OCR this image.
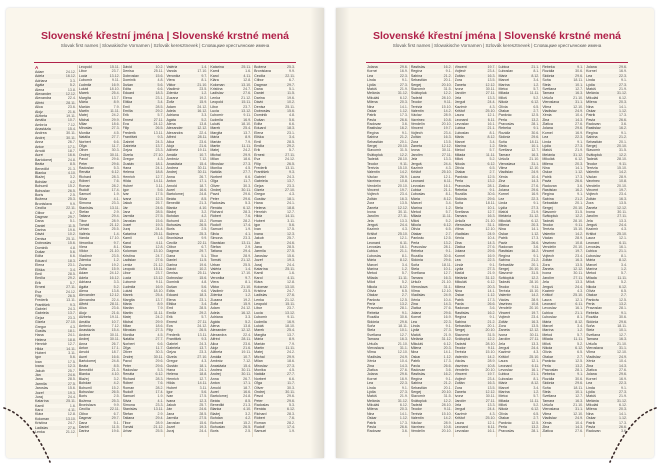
Slovenské křestní jména | Slovenské krstné mená
Slovak first names | Slowakische Vornamen | Szlovák keresztnevek | Словацкие крестьянские имена
A
Adam	24.12.
Adela	16.12.
Adriana	3.3.
Agáta	5.2.
Alena	13.8.
Alexander	12.12.
Alexandra	22.4.
Alfréd	28.11.
Alica	23.6.
Alojz	21.6.
Alžbeta	19.11.
Amália	10.7.
Ambróz	7.12.
Anastázia	15.4.
Andrea	30.11.
Andrej	30.11.
Anna	26.7.
Anton	17.1.
Arnold	18.7.
Aurel	16.6.
Bartolomej	24.8.
Beáta	8.5.
Benedikt	21.3.
Blanka	4.10.
Blažej	3.2.
Bohdan	4.2.
Bohumil	15.2.
Bohuslav	26.5.
Boris	2.5.
Božena	25.3.
Bronislava	9.9.
Cecília	22.11.
Ctibor	6.7.
Dagmar	29.7.
Dana	5.1.
Daniel	11.5.
Darina	19.6.
Dávid	10.2.
Denisa	25.11.
Dobroslav	15.6.
Dominik	4.8.
Dušan	5.6.
Edita	6.6.
Eduard	18.3.
Elena	23.1.
Eliška	3.4.
Emil	28.5.
Emília	29.2.
Erik	5.7.
Ernest	27.11.
Eva	24.12.
Filip	26.5.
Frederik	13.11.
František	9.3.
Gabriel	24.3.
Gabriela	13.7.
Gejza	23.3.
Gizela	27.10.
Gregor	4.3.
Gustáv	18.1.
Hana	24.1.
Helena	18.8.
Henrich	12.7.
Hilda	14.11.
Hubert	3.11.
Igor	5.6.
Ivan	17.5.
Ivana	12.3.
Jakub	25.7.
Ján	24.6.
Jana	28.5.
Jarmila	27.5.
Jaroslav	15.6.
Jozef	19.3.
Juraj	24.4.
Katarína	25.11.
Kamil	1.6.
Karol	4.11.
Klára	12.8.
Koloman	13.10.
Kristína	24.7.
Ladislav	27.6.
Lenka	21.12.
Leopold	15.11.
Libor	23.7.
Lucia	13.12.
Ľubomír	9.11.
Ľudmila	16.9.
Lukáš	18.10.
Marek	25.4.
Margita	13.7.
Mária	8.9.
Marián	7.9.
Martin	11.11.
Matej	24.2.
Michal	29.9.
Milan	18.6.
Miroslav	27.3.
Monika	4.5.
Natália	27.7.
Norbert	6.6.
Oľga	11.7.
Oliver	30.3.
Ondrej	30.11.
Pavol	29.6.
Peter	29.6.
Radoslav	5.3.
Renáta	6.12.
Richard	28.3.
Róbert	7.6.
Roman	28.2.
Rudolf	17.4.
Samuel	1.9.
Silvia	4.1.
Simona	23.3.
Stanislav	13.11.
Štefan	2.9.
Tatiana	29.4.
Tibor	28.9.
Tomáš	21.12.
Urban	25.5.
Valéria	1.4.
Vanda	17.10.
Veronika	9.7.
Viera	8.1.
Viktor	21.10.
Vladimír	23.5.
Zdenka	1.2.
Zuzana	19.2.
Žofia	15.9.
Adam	24.12.
Adela	16.12.
Adriana	3.3.
Agáta	5.2.
Alena	13.8.
Alexander	12.12.
Alexandra	22.4.
Alfréd	28.11.
Alica	23.6.
Alojz	21.6.
Alžbeta	19.11.
Amália	10.7.
Ambróz	7.12.
Anastázia	15.4.
Andrea	30.11.
Andrej	30.11.
Anna	26.7.
Anton	17.1.
Arnold	18.7.
Aurel	16.6.
Bartolomej	24.8.
Beáta	8.5.
Benedikt	21.3.
Blanka	4.10.
Blažej	3.2.
Bohdan	4.2.
Bohumil	15.2.
Bohuslav	26.5.
Boris	2.5.
Božena	25.3.
Bronislava	9.9.
Cecília	22.11.
Ctibor	6.7.
Dagmar	29.7.
Dana	5.1.
Daniel	11.5.
Darina	19.6.
Dávid	10.2.
Denisa	25.11.
Dobroslav	15.6.
Dominik	4.8.
Dušan	5.6.
Edita	6.6.
Eduard	18.3.
Elena	23.1.
Eliška	3.4.
Emil	28.5.
Emília	29.2.
Erik	5.7.
Ernest	27.11.
Eva	24.12.
Filip	26.5.
Frederik	13.11.
František	9.3.
Gabriel	24.3.
Gabriela	13.7.
Gejza	23.3.
Gizela	27.10.
Gregor	4.3.
Gustáv	18.1.
Hana	24.1.
Helena	18.8.
Henrich	12.7.
Hilda	14.11.
Hubert	3.11.
Igor	5.6.
Ivan	17.5.
Ivana	12.3.
Jakub	25.7.
Ján	24.6.
Jana	28.5.
Jarmila	27.5.
Jaroslav	15.6.
Jozef	19.3.
Juraj	24.4.
Katarína	25.11.
Kamil	1.6.
Karol	4.11.
Klára	12.8.
Koloman	13.10.
Kristína	24.7.
Ladislav	27.6.
Lenka	21.12.
Leopold	15.11.
Libor	23.7.
Lucia	13.12.
Ľubomír	9.11.
Ľudmila	16.9.
Lukáš	18.10.
Marek	25.4.
Margita	13.7.
Mária	8.9.
Marián	7.9.
Martin	11.11.
Matej	24.2.
Michal	29.9.
Milan	18.6.
Miroslav	27.3.
Monika	4.5.
Natália	27.7.
Norbert	6.6.
Oľga	11.7.
Oliver	30.3.
Ondrej	30.11.
Pavol	29.6.
Peter	29.6.
Radoslav	5.3.
Renáta	6.12.
Richard	28.3.
Róbert	7.6.
Roman	28.2.
Rudolf	17.4.
Samuel	1.9.
Silvia	4.1.
Simona	23.3.
Stanislav	13.11.
Štefan	2.9.
Tatiana	29.4.
Tibor	28.9.
Tomáš	21.12.
Urban	25.5.
Valéria	1.4.
Vanda	17.10.
Veronika	9.7.
Viera	8.1.
Viktor	21.10.
Vladimír	23.5.
Zdenka	1.2.
Zuzana	19.2.
Žofia	15.9.
Adam	24.12.
Adela	16.12.
Adriana	3.3.
Agáta	5.2.
Alena	13.8.
Alexander	12.12.
Alexandra	22.4.
Alfréd	28.11.
Alica	23.6.
Alojz	21.6.
Alžbeta	19.11.
Amália	10.7.
Ambróz	7.12.
Anastázia	15.4.
Andrea	30.11.
Andrej	30.11.
Anna	26.7.
Anton	17.1.
Arnold	18.7.
Aurel	16.6.
Bartolomej	24.8.
Beáta	8.5.
Benedikt	21.3.
Blanka	4.10.
Blažej	3.2.
Bohdan	4.2.
Bohumil	15.2.
Bohuslav	26.5.
Boris	2.5.
Božena	25.3.
Bronislava	9.9.
Cecília	22.11.
Ctibor	6.7.
Dagmar	29.7.
Dana	5.1.
Daniel	11.5.
Darina	19.6.
Dávid	10.2.
Denisa	25.11.
Dobroslav	15.6.
Dominik	4.8.
Dušan	5.6.
Edita	6.6.
Eduard	18.3.
Elena	23.1.
Eliška	3.4.
Emil	28.5.
Emília	29.2.
Erik	5.7.
Ernest	27.11.
Eva	24.12.
Filip	26.5.
Frederik	13.11.
František	9.3.
Gabriel	24.3.
Gabriela	13.7.
Gejza	23.3.
Gizela	27.10.
Gregor	4.3.
Gustáv	18.1.
Hana	24.1.
Helena	18.8.
Henrich	12.7.
Hilda	14.11.
Hubert	3.11.
Igor	5.6.
Ivan	17.5.
Ivana	12.3.
Jakub	25.7.
Ján	24.6.
Jana	28.5.
Jarmila	27.5.
Jaroslav	15.6.
Jozef	19.3.
Juraj	24.4.
Katarína	25.11.
Kamil	1.6.
Karol	4.11.
Klára	12.8.
Koloman	13.10.
Kristína	24.7.
Ladislav	27.6.
Lenka	21.12.
Leopold	15.11.
Libor	23.7.
Lucia	13.12.
Ľubomír	9.11.
Ľudmila	16.9.
Lukáš	18.10.
Marek	25.4.
Margita	13.7.
Mária	8.9.
Marián	7.9.
Martin	11.11.
Matej	24.2.
Michal	29.9.
Milan	18.6.
Miroslav	27.3.
Monika	4.5.
Natália	27.7.
Norbert	6.6.
Oľga	11.7.
Oliver	30.3.
Ondrej	30.11.
Pavol	29.6.
Peter	29.6.
Radoslav	5.3.
Renáta	6.12.
Richard	28.3.
Róbert	7.6.
Roman	28.2.
Rudolf	17.4.
Samuel	1.9.
Silvia	4.1.
Simona	23.3.
Stanislav	13.11.
Štefan	2.9.
Tatiana	29.4.
Tibor	28.9.
Tomáš	21.12.
Urban	25.5.
Valéria	1.4.
Vanda	17.10.
Veronika	9.7.
Viera	8.1.
Viktor	21.10.
Vladimír	23.5.
Zdenka	1.2.
Zuzana	19.2.
Žofia	15.9.
Adam	24.12.
Adela	16.12.
Adriana	3.3.
Agáta	5.2.
Alena	13.8.
Alexander	12.12.
Alexandra	22.4.
Alfréd	28.11.
Alica	23.6.
Alojz	21.6.
Alžbeta	19.11.
Amália	10.7.
Ambróz	7.12.
Anastázia	15.4.
Andrea	30.11.
Andrej	30.11.
Anna	26.7.
Anton	17.1.
Arnold	18.7.
Aurel	16.6.
Bartolomej	24.8.
Beáta	8.5.
Benedikt	21.3.
Blanka	4.10.
Blažej	3.2.
Bohdan	4.2.
Bohumil	15.2.
Bohuslav	26.5.
Boris	2.5.
Božena	25.3.
Bronislava	9.9.
Cecília	22.11.
Ctibor	6.7.
Dagmar	29.7.
Dana	5.1.
Daniel	11.5.
Darina	19.6.
Dávid	10.2.
Denisa	25.11.
Dobroslav	15.6.
Dominik	4.8.
Dušan	5.6.
Edita	6.6.
Eduard	18.3.
Elena	23.1.
Eliška	3.4.
Emil	28.5.
Emília	29.2.
Erik	5.7.
Ernest	27.11.
Eva	24.12.
Filip	26.5.
Frederik	13.11.
František	9.3.
Gabriel	24.3.
Gabriela	13.7.
Gejza	23.3.
Gizela	27.10.
Gregor	4.3.
Gustáv	18.1.
Hana	24.1.
Helena	18.8.
Henrich	12.7.
Hilda	14.11.
Hubert	3.11.
Igor	5.6.
Ivan	17.5.
Ivana	12.3.
Jakub	25.7.
Ján	24.6.
Jana	28.5.
Jarmila	27.5.
Jaroslav	15.6.
Jozef	19.3.
Juraj	24.4.
Katarína	25.11.
Kamil	1.6.
Karol	4.11.
Klára	12.8.
Koloman	13.10.
Kristína	24.7.
Ladislav	27.6.
Lenka	21.12.
Leopold	15.11.
Libor	23.7.
Lucia	13.12.
Ľubomír	9.11.
Ľudmila	16.9.
Lukáš	18.10.
Marek	25.4.
Margita	13.7.
Mária	8.9.
Marián	7.9.
Martin	11.11.
Matej	24.2.
Michal	29.9.
Milan	18.6.
Miroslav	27.3.
Monika	4.5.
Natália	27.7.
Norbert	6.6.
Oľga	11.7.
Oliver	30.3.
Ondrej	30.11.
Pavol	29.6.
Peter	29.6.
Radoslav	5.3.
Renáta	6.12.
Richard	28.3.
Róbert	7.6.
Roman	28.2.
Rudolf	17.4.
Samuel	1.9.
Slovenské křestní jména | Slovenské krstné mená
Slovak first names | Slowakische Vornamen | Szlovák keresztnevek | Словацкие крестьянские имена
Jolana	29.6.
Kornel	16.9.
Lea	22.3.
Linda	9.1.
Lýdia	27.3.
Matúš	21.9.
Melánia	31.12.
Mikuláš	6.12.
Milena	20.3.
Nina	14.1.
Oskar	1.12.
Patrik	17.3.
Pavla	26.6.
Radovan	3.6.
Rastislav	16.2.
Regína	9.1.
Sabína	21.2.
Sebastián	20.1.
Sergej	20.10.
Slavomír	31.5.
Svätopluk	12.2.
Tadeáš	28.10.
Teodor	9.11.
Terézia	15.10.
Valentín	14.2.
Václav	28.9.
Vavrinec	10.8.
Vendelín	20.10.
Vincent	19.7.
Vojtech	23.4.
Zoltán	16.3.
Zora	13.5.
Žaneta	12.12.
Ivona	30.11.
Jarolím	27.11.
Jela	13.3.
Jerguš	24.4.
Kazimír	4.3.
Krištof	25.10.
Laura	12.1.
Leonard	6.11.
Levoslav	16.1.
Ľubica	21.1.
Ľuboslav	8.1.
Mária	8.12.
Marcel	3.4.
Marína	1.2.
Metod	5.7.
Milada	11.11.
Miloš	5.2.
Nikola	6.12.
Olívia	6.5.
Otakar	2.7.
Pankrác	12.5.
Perla	13.2.
Pravoslav	28.1.
Rebeka	9.1.
Rozália	30.6.
Sidónia	29.6.
Soňa	18.11.
Stela	10.1.
Svetlana	12.7.
Tamara	16.3.
Uršuľa	21.10.
Vieroslava	31.1.
Vilma	12.10.
Vladislav	24.9.
Xénia	10.4.
Zina	14.3.
Zlatica	27.6.
Jolana	29.6.
Kornel	16.9.
Lea	22.3.
Linda	9.1.
Lýdia	27.3.
Matúš	21.9.
Melánia	31.12.
Mikuláš	6.12.
Milena	20.3.
Nina	14.1.
Oskar	1.12.
Patrik	17.3.
Pavla	26.6.
Radovan	3.6.
Rastislav	16.2.
Regína	9.1.
Sabína	21.2.
Sebastián	20.1.
Sergej	20.10.
Slavomír	31.5.
Svätopluk	12.2.
Tadeáš	28.10.
Teodor	9.11.
Terézia	15.10.
Valentín	14.2.
Václav	28.9.
Vavrinec	10.8.
Vendelín	20.10.
Vincent	19.7.
Vojtech	23.4.
Zoltán	16.3.
Zora	13.5.
Žaneta	12.12.
Ivona	30.11.
Jarolím	27.11.
Jela	13.3.
Jerguš	24.4.
Kazimír	4.3.
Krištof	25.10.
Laura	12.1.
Leonard	6.11.
Levoslav	16.1.
Ľubica	21.1.
Ľuboslav	8.1.
Mária	8.12.
Marcel	3.4.
Marína	1.2.
Metod	5.7.
Milada	11.11.
Miloš	5.2.
Nikola	6.12.
Olívia	6.5.
Otakar	2.7.
Pankrác	12.5.
Perla	13.2.
Pravoslav	28.1.
Rebeka	9.1.
Rozália	30.6.
Sidónia	29.6.
Soňa	18.11.
Stela	10.1.
Svetlana	12.7.
Tamara	16.3.
Uršuľa	21.10.
Vieroslava	31.1.
Vilma	12.10.
Vladislav	24.9.
Xénia	10.4.
Zina	14.3.
Zlatica	27.6.
Jolana	29.6.
Kornel	16.9.
Lea	22.3.
Linda	9.1.
Lýdia	27.3.
Matúš	21.9.
Melánia	31.12.
Mikuláš	6.12.
Milena	20.3.
Nina	14.1.
Oskar	1.12.
Patrik	17.3.
Pavla	26.6.
Radovan	3.6.
Rastislav	16.2.
Regína	9.1.
Sabína	21.2.
Sebastián	20.1.
Sergej	20.10.
Slavomír	31.5.
Svätopluk	12.2.
Tadeáš	28.10.
Teodor	9.11.
Terézia	15.10.
Valentín	14.2.
Václav	28.9.
Vavrinec	10.8.
Vendelín	20.10.
Vincent	19.7.
Vojtech	23.4.
Zoltán	16.3.
Zora	13.5.
Žaneta	12.12.
Ivona	30.11.
Jarolím	27.11.
Jela	13.3.
Jerguš	24.4.
Kazimír	4.3.
Krištof	25.10.
Laura	12.1.
Leonard	6.11.
Levoslav	16.1.
Ľubica	21.1.
Ľuboslav	8.1.
Mária	8.12.
Marcel	3.4.
Marína	1.2.
Metod	5.7.
Milada	11.11.
Miloš	5.2.
Nikola	6.12.
Olívia	6.5.
Otakar	2.7.
Pankrác	12.5.
Perla	13.2.
Pravoslav	28.1.
Rebeka	9.1.
Rozália	30.6.
Sidónia	29.6.
Soňa	18.11.
Stela	10.1.
Svetlana	12.7.
Tamara	16.3.
Uršuľa	21.10.
Vieroslava	31.1.
Vilma	12.10.
Vladislav	24.9.
Xénia	10.4.
Zina	14.3.
Zlatica	27.6.
Jolana	29.6.
Kornel	16.9.
Lea	22.3.
Linda	9.1.
Lýdia	27.3.
Matúš	21.9.
Melánia	31.12.
Mikuláš	6.12.
Milena	20.3.
Nina	14.1.
Oskar	1.12.
Patrik	17.3.
Pavla	26.6.
Radovan	3.6.
Rastislav	16.2.
Regína	9.1.
Sabína	21.2.
Sebastián	20.1.
Sergej	20.10.
Slavomír	31.5.
Svätopluk	12.2.
Tadeáš	28.10.
Teodor	9.11.
Terézia	15.10.
Valentín	14.2.
Václav	28.9.
Vavrinec	10.8.
Vendelín	20.10.
Vincent	19.7.
Vojtech	23.4.
Zoltán	16.3.
Zora	13.5.
Žaneta	12.12.
Ivona	30.11.
Jarolím	27.11.
Jela	13.3.
Jerguš	24.4.
Kazimír	4.3.
Krištof	25.10.
Laura	12.1.
Leonard	6.11.
Levoslav	16.1.
Ľubica	21.1.
Ľuboslav	8.1.
Mária	8.12.
Marcel	3.4.
Marína	1.2.
Metod	5.7.
Milada	11.11.
Miloš	5.2.
Nikola	6.12.
Olívia	6.5.
Otakar	2.7.
Pankrác	12.5.
Perla	13.2.
Pravoslav	28.1.
Rebeka	9.1.
Rozália	30.6.
Sidónia	29.6.
Soňa	18.11.
Stela	10.1.
Svetlana	12.7.
Tamara	16.3.
Uršuľa	21.10.
Vieroslava	31.1.
Vilma	12.10.
Vladislav	24.9.
Xénia	10.4.
Zina	14.3.
Zlatica	27.6.
Jolana	29.6.
Kornel	16.9.
Lea	22.3.
Linda	9.1.
Lýdia	27.3.
Matúš	21.9.
Melánia	31.12.
Mikuláš	6.12.
Milena	20.3.
Nina	14.1.
Oskar	1.12.
Patrik	17.3.
Pavla	26.6.
Radovan	3.6.
Rastislav	16.2.
Regína	9.1.
Sabína	21.2.
Sebastián	20.1.
Sergej	20.10.
Slavomír	31.5.
Svätopluk	12.2.
Tadeáš	28.10.
Teodor	9.11.
Terézia	15.10.
Valentín	14.2.
Václav	28.9.
Vavrinec	10.8.
Vendelín	20.10.
Vincent	19.7.
Vojtech	23.4.
Zoltán	16.3.
Zora	13.5.
Žaneta	12.12.
Ivona	30.11.
Jarolím	27.11.
Jela	13.3.
Jerguš	24.4.
Kazimír	4.3.
Krištof	25.10.
Laura	12.1.
Leonard	6.11.
Levoslav	16.1.
Ľubica	21.1.
Ľuboslav	8.1.
Mária	8.12.
Marcel	3.4.
Marína	1.2.
Metod	5.7.
Milada	11.11.
Miloš	5.2.
Nikola	6.12.
Olívia	6.5.
Otakar	2.7.
Pankrác	12.5.
Perla	13.2.
Pravoslav	28.1.
Rebeka	9.1.
Rozália	30.6.
Sidónia	29.6.
Soňa	18.11.
Stela	10.1.
Svetlana	12.7.
Tamara	16.3.
Uršuľa	21.10.
Vieroslava	31.1.
Vilma	12.10.
Vladislav	24.9.
Xénia	10.4.
Zina	14.3.
Zlatica	27.6.
Jolana	29.6.
Kornel	16.9.
Lea	22.3.
Linda	9.1.
Lýdia	27.3.
Matúš	21.9.
Melánia	31.12.
Mikuláš	6.12.
Milena	20.3.
Nina	14.1.
Oskar	1.12.
Patrik	17.3.
Pavla	26.6.
Radovan	3.6.
Rastislav	16.2.
Regína	9.1.
Sabína	21.2.
Sebastián	20.1.
Sergej	20.10.
Slavomír	31.5.
Svätopluk	12.2.
Tadeáš	28.10.
Teodor	9.11.
Terézia	15.10.
Valentín	14.2.
Václav	28.9.
Vavrinec	10.8.
Vendelín	20.10.
Vincent	19.7.
Vojtech	23.4.
Zoltán	16.3.
Zora	13.5.
Žaneta	12.12.
Ivona	30.11.
Jarolím	27.11.
Jela	13.3.
Jerguš	24.4.
Kazimír	4.3.
Krištof	25.10.
Laura	12.1.
Leonard	6.11.
Levoslav	16.1.
Ľubica	21.1.
Ľuboslav	8.1.
Mária	8.12.
Marcel	3.4.
Marína	1.2.
Metod	5.7.
Milada	11.11.
Miloš	5.2.
Nikola	6.12.
Olívia	6.5.
Otakar	2.7.
Pankrác	12.5.
Perla	13.2.
Pravoslav	28.1.
Rebeka	9.1.
Rozália	30.6.
Sidónia	29.6.
Soňa	18.11.
Stela	10.1.
Svetlana	12.7.
Tamara	16.3.
Uršuľa	21.10.
Vieroslava	31.1.
Vilma	12.10.
Vladislav	24.9.
Xénia	10.4.
Zina	14.3.
Zlatica	27.6.
Jolana	29.6.
Kornel	16.9.
Lea	22.3.
Linda	9.1.
Lýdia	27.3.
Matúš	21.9.
Melánia	31.12.
Mikuláš	6.12.
Milena	20.3.
Nina	14.1.
Oskar	1.12.
Patrik	17.3.
Pavla	26.6.
Radovan	3.6.
Rastislav	16.2.
Regína	9.1.
Sabína	21.2.
Sebastián	20.1.
Sergej	20.10.
Slavomír	31.5.
Svätopluk	12.2.
Tadeáš	28.10.
Teodor	9.11.
Terézia	15.10.
Valentín	14.2.
Václav	28.9.
Vavrinec	10.8.
Vendelín	20.10.
Vincent	19.7.
Vojtech	23.4.
Zoltán	16.3.
Zora	13.5.
Žaneta	12.12.
Ivona	30.11.
Jarolím	27.11.
Jela	13.3.
Jerguš	24.4.
Kazimír	4.3.
Krištof	25.10.
Laura	12.1.
Leonard	6.11.
Levoslav	16.1.
Ľubica	21.1.
Ľuboslav	8.1.
Mária	8.12.
Marcel	3.4.
Marína	1.2.
Metod	5.7.
Milada	11.11.
Miloš	5.2.
Nikola	6.12.
Olívia	6.5.
Otakar	2.7.
Pankrác	12.5.
Perla	13.2.
Pravoslav	28.1.
Rebeka	9.1.
Rozália	30.6.
Sidónia	29.6.
Soňa	18.11.
Stela	10.1.
Svetlana	12.7.
Tamara	16.3.
Uršuľa	21.10.
Vieroslava	31.1.
Vilma	12.10.
Vladislav	24.9.
Xénia	10.4.
Zina	14.3.
Zlatica	27.6.
Jolana	29.6.
Kornel	16.9.
Lea	22.3.
Linda	9.1.
Lýdia	27.3.
Matúš	21.9.
Melánia	31.12.
Mikuláš	6.12.
Milena	20.3.
Nina	14.1.
Oskar	1.12.
Patrik	17.3.
Pavla	26.6.
Radovan	3.6.
